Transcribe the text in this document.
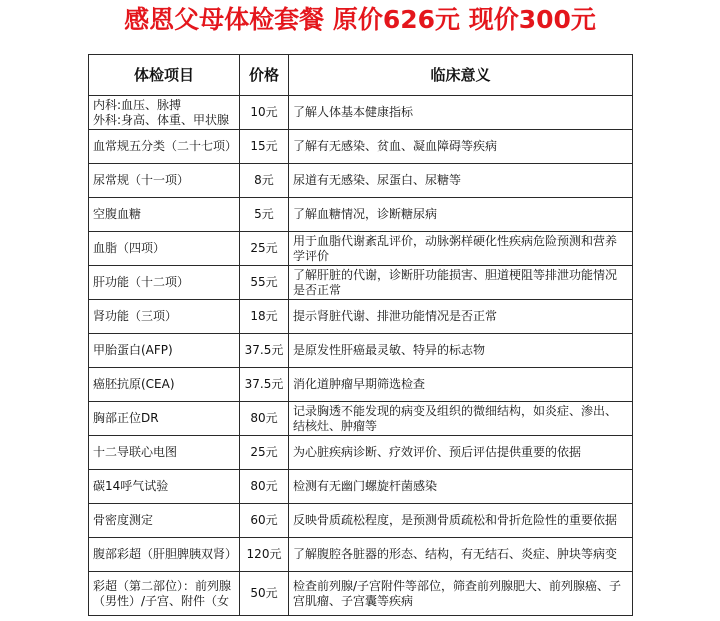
感恩父母体检套餐 原价626元 现价300元
体检项目	价格	临床意义

内科:血压、脉搏
外科:身高、体重、甲状腺	10元	了解人体基本健康指标

血常规五分类（二十七项）	15元	了解有无感染、贫血、凝血障碍等疾病

尿常规（十一项）	8元	尿道有无感染、尿蛋白、尿糖等

空腹血糖	5元	了解血糖情况，诊断糖尿病

血脂（四项）	25元	用于血脂代谢紊乱评价，动脉粥样硬化性疾病危险预测和营养学评价

肝功能（十二项）	55元	了解肝脏的代谢，诊断肝功能损害、胆道梗阻等排泄功能情况是否正常

肾功能（三项）	18元	提示肾脏代谢、排泄功能情况是否正常

甲胎蛋白(AFP)	37.5元	是原发性肝癌最灵敏、特异的标志物

癌胚抗原(CEA)	37.5元	消化道肿瘤早期筛选检查

胸部正位DR	80元	记录胸透不能发现的病变及组织的微细结构，如炎症、渗出、结核灶、肿瘤等

十二导联心电图	25元	为心脏疾病诊断、疗效评价、预后评估提供重要的依据

碳14呼气试验	80元	检测有无幽门螺旋杆菌感染

骨密度测定	60元	反映骨质疏松程度，是预测骨质疏松和骨折危险性的重要依据

腹部彩超（肝胆脾胰双肾）	120元	了解腹腔各脏器的形态、结构，有无结石、炎症、肿块等病变

彩超（第二部位）：前列腺（男性）/子宫、附件（女	50元	检查前列腺/子宫附件等部位，筛查前列腺肥大、前列腺癌、子宫肌瘤、子宫囊等疾病
